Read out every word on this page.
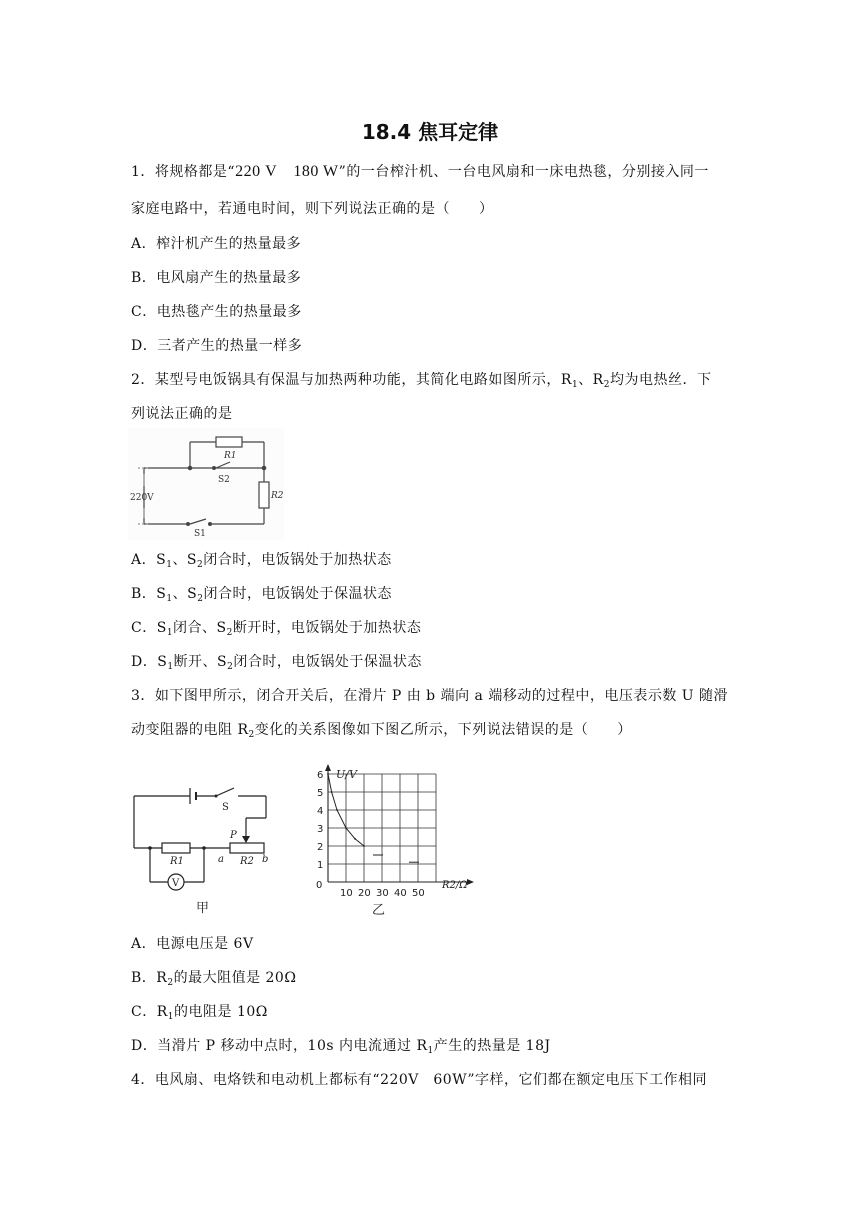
18.4 焦耳定律
1．将规格都是“220 V　180 W”的一台榨汁机、一台电风扇和一床电热毯，分别接入同一
家庭电路中，若通电时间，则下列说法正确的是（　　）
A．榨汁机产生的热量最多
B．电风扇产生的热量最多
C．电热毯产生的热量最多
D．三者产生的热量一样多
2．某型号电饭锅具有保温与加热两种功能，其简化电路如图所示，$R_1$、$R_2$均为电热丝．下
列说法正确的是
220V
R1
R2
S2
S1
A．$S_1$、$S_2$闭合时，电饭锅处于加热状态
B．$S_1$、$S_2$闭合时，电饭锅处于保温状态
C．$S_1$闭合、$S_2$断开时，电饭锅处于加热状态
D．$S_1$断开、$S_2$闭合时，电饭锅处于保温状态
3．如下图甲所示，闭合开关后，在滑片 P 由 b 端向 a 端移动的过程中，电压表示数 U 随滑
动变阻器的电阻 $R_2$变化的关系图像如下图乙所示，下列说法错误的是（　　）
S
P
R1	R2
a	b
V
甲
1
2
3
4
5
6
10 20 30 40 50
U/V
R2/Ω
0
乙
A．电源电压是 6V
B．$R_2$的最大阻值是 20Ω
C．$R_1$的电阻是 10Ω
D．当滑片 P 移动中点时，10s 内电流通过 $R_1$产生的热量是 18J
4．电风扇、电烙铁和电动机上都标有“220V　60W”字样，它们都在额定电压下工作相同
